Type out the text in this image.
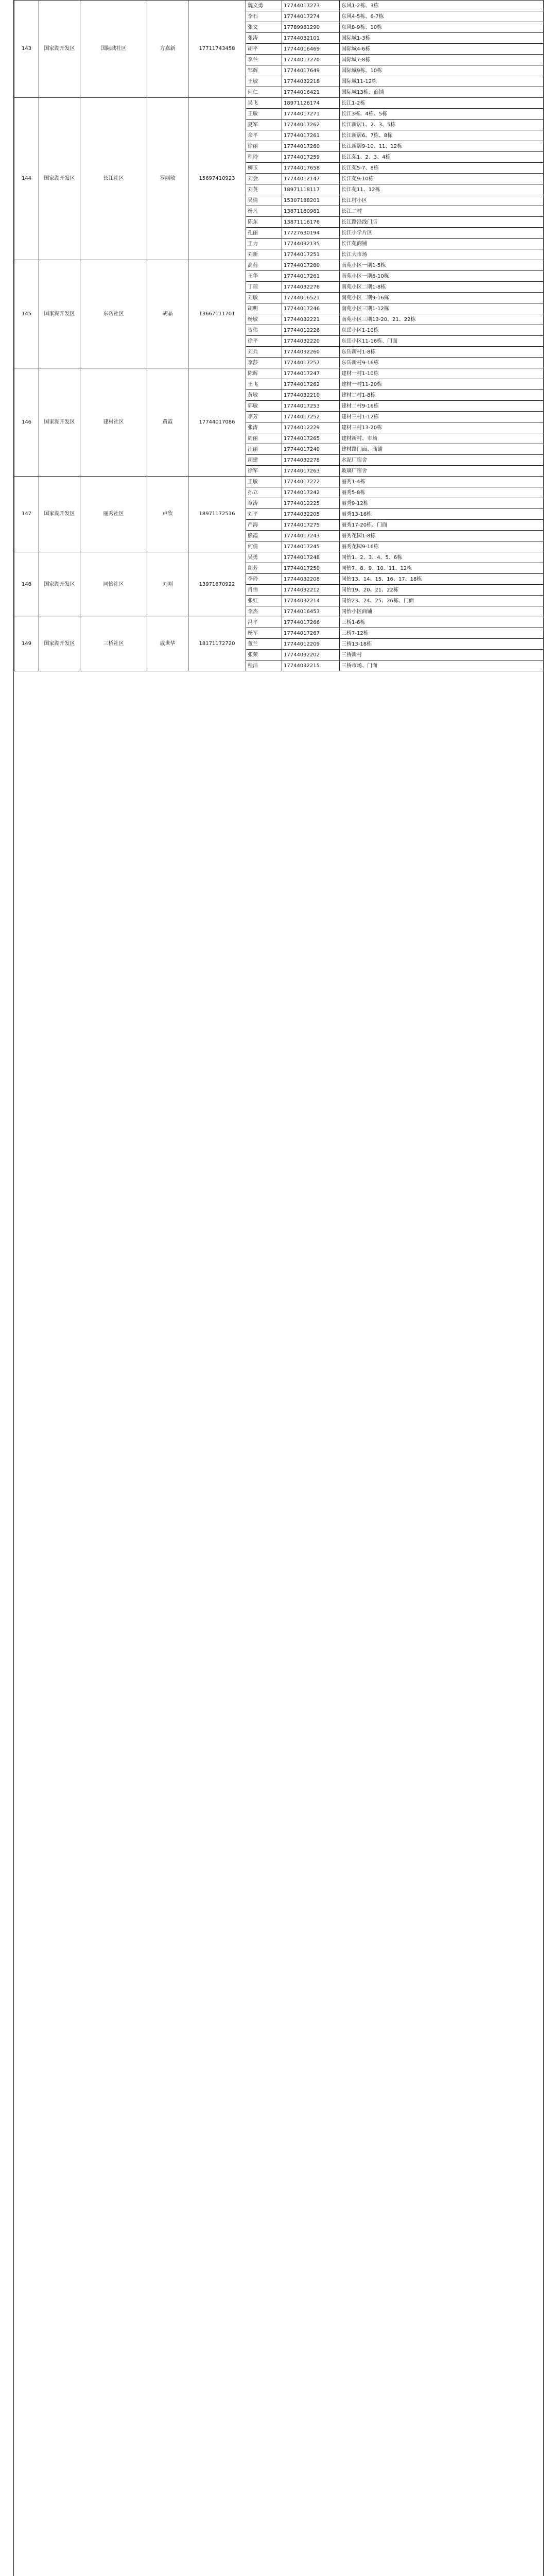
143	国家湖开发区	国际城社区	方嘉新	17711743458	魏文勇	17744017273	东风1-2栋、3栋
					李石	17744017274	东风4-5栋、6-7栋
					张文	17789981290	东风8-9栋、10栋
					张涛	17744032101	国际城1-3栋
					胡平	17744016469	国际城4-6栋
					李兰	17744017270	国际城7-8栋
					邹辉	17744017649	国际城9栋、10栋
					王敏	17744032218	国际城11-12栋
					何仁	17744016421	国际城13栋、商铺
144	国家湖开发区	长江社区	罗丽敏	15697410923	吴飞	18971126174	长江1-2栋
					王敏	17744017271	长江3栋、4栋、5栋
					夏军	17744017262	长江新居1、2、3、5栋
					余平	17744017261	长江新居6、7栋、8栋
					徐丽	17744017260	长江新居9-10、11、12栋
					程玲	17744017259	长江苑1、2、3、4栋
					柳玉	17744017658	长江苑5-7、8栋
					刘会	17744012147	长江苑9-10栋
					刘英	18971118117	长江苑11、12栋
					吴倩	15307188201	长江村小区
					杨凡	13871180981	长江二村
					陈东	13871116176	长江路沿线门店
					孔丽	17727630194	长江小学片区
					王力	17744032135	长江苑商铺
					刘新	17744017251	长江大市场
145	国家湖开发区	东岳社区	胡晶	13667111701	高荷	17744017280	南苑小区一期1-5栋
					王华	17744017261	南苑小区一期6-10栋
					丁琼	17744032276	南苑小区二期1-8栋
					刘敏	17744016521	南苑小区二期9-16栋
					胡明	17744017246	南苑小区三期1-12栋
					杨敏	17744032221	南苑小区三期13-20、21、22栋
					贺伟	17744012226	东岳小区1-10栋
					徐平	17744032220	东岳小区11-16栋、门面
					刘兵	17744032260	东岳新村1-8栋
					李莎	17744017257	东岳新村9-16栋
146	国家湖开发区	建材社区	黄霞	17744017086	陈辉	17744017247	建材一村1-10栋
					王飞	17744017262	建材一村11-20栋
					黄敏	17744032210	建材二村1-8栋
					郭敏	17744017253	建材二村9-16栋
					李芳	17744017252	建材三村1-12栋
					张涛	17744012229	建材三村13-20栋
					周丽	17744017265	建材新村、市场
					汪丽	17744017240	建材路门面、商铺
					胡建	17744032278	水泥厂宿舍
					徐军	17744017263	玻璃厂宿舍
147	国家湖开发区	丽秀社区	卢欣	18971172516	王敏	17744017272	丽秀1-4栋
					孙立	17744017242	丽秀5-8栋
					章涛	17744012225	丽秀9-12栋
					刘平	17744032205	丽秀13-16栋
					严海	17744017275	丽秀17-20栋、门面
					熊霞	17744017243	丽秀花园1-8栋
					何倩	17744017245	丽秀花园9-16栋
148	国家湖开发区	同怡社区	刘刚	13971670922	吴勇	17744017248	同怡1、2、3、4、5、6栋
					胡芳	17744017250	同怡7、8、9、10、11、12栋
					李玲	17744032208	同怡13、14、15、16、17、18栋
					肖伟	17744032212	同怡19、20、21、22栋
					张红	17744032214	同怡23、24、25、26栋、门面
					李杰	17744016453	同怡小区商铺
149	国家湖开发区	三桥社区	戚世华	18171172720	冯平	17744017266	三桥1-6栋
					杨军	17744017267	三桥7-12栋
					董兰	17744012209	三桥13-18栋
					张荣	17744032202	三桥新村
					程洁	17744032215	三桥市场、门面
